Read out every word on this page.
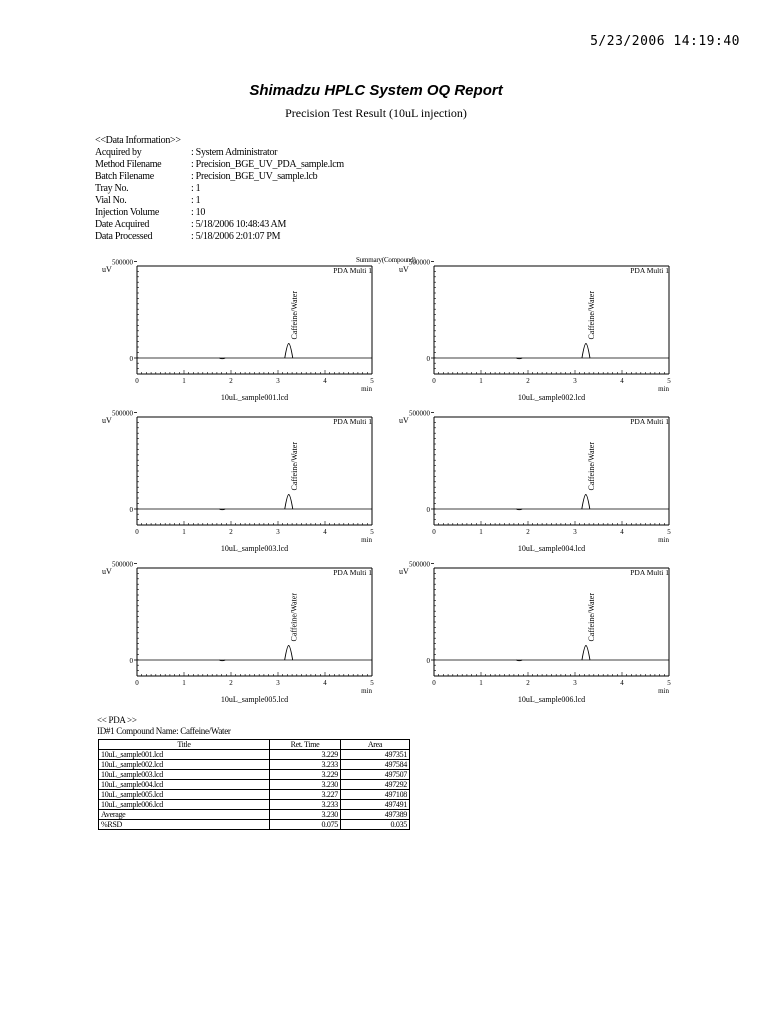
5/23/2006 14:19:40
Shimadzu HPLC System OQ Report
Precision Test Result (10uL injection)
<<Data Information>>
Acquired by	: System Administrator
Method Filename	: Precision_BGE_UV_PDA_sample.lcm
Batch Filename	: Precision_BGE_UV_sample.lcb
Tray No.	: 1
Vial No.	: 1
Injection Volume	: 10
Date Acquired	: 5/18/2006 10:48:43 AM
Data Processed	: 5/18/2006 2:01:07 PM
Summary(Compound)
Caffeine/Water
uV
500000
0
0	1	2	3	4	5
min
PDA Multi 1
10uL_sample001.lcd
Caffeine/Water
uV
500000
0
0	1	2	3	4	5
min
PDA Multi 1
10uL_sample002.lcd
Caffeine/Water
uV
500000
0
0	1	2	3	4	5
min
PDA Multi 1
10uL_sample003.lcd
Caffeine/Water
uV
500000
0
0	1	2	3	4	5
min
PDA Multi 1
10uL_sample004.lcd
Caffeine/Water
uV
500000
0
0	1	2	3	4	5
min
PDA Multi 1
10uL_sample005.lcd
Caffeine/Water
uV
500000
0
0	1	2	3	4	5
min
PDA Multi 1
10uL_sample006.lcd
<< PDA >>
ID#1 Compound Name: Caffeine/Water
Title	Ret. Time	Area
10uL_sample001.lcd	3.229	497351
10uL_sample002.lcd	3.233	497584
10uL_sample003.lcd	3.229	497507
10uL_sample004.lcd	3.230	497292
10uL_sample005.lcd	3.227	497108
10uL_sample006.lcd	3.233	497491
Average	3.230	497389
%RSD	0.075	0.035
